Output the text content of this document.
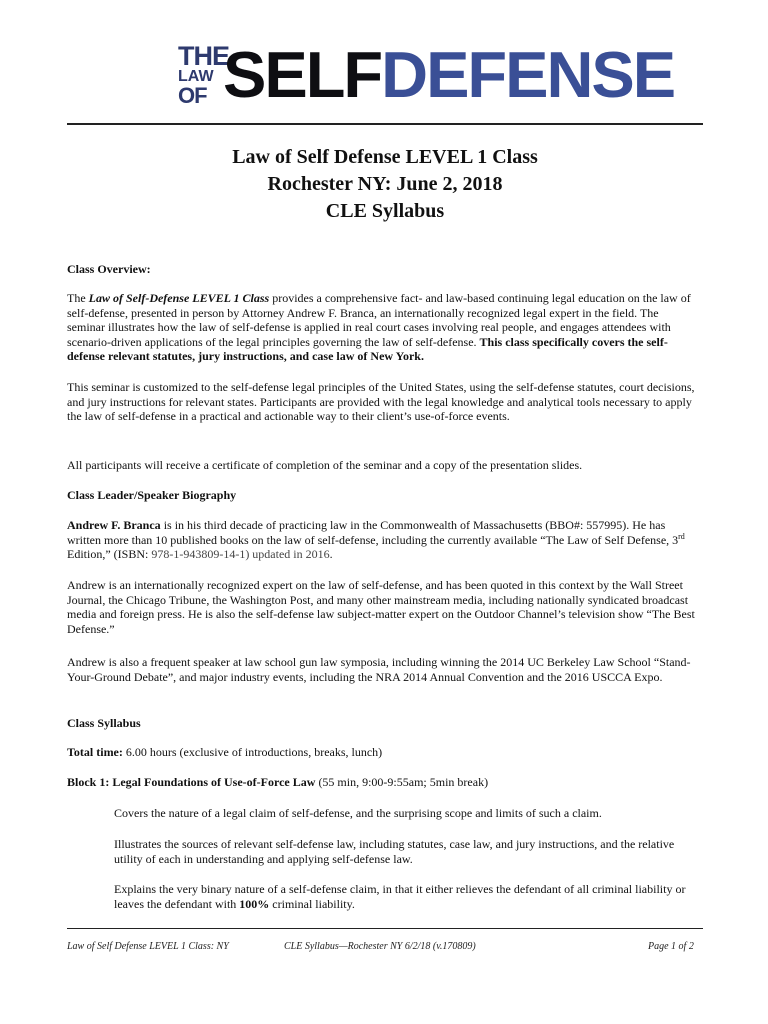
THE
LAW
OF SELFDEFENSE
Law of Self Defense LEVEL 1 Class
Rochester NY: June 2, 2018
CLE Syllabus

Class Overview:

The Law of Self-Defense LEVEL 1 Class provides a comprehensive fact- and law-based continuing legal education on the law of self-defense, presented in person by Attorney Andrew F. Branca, an internationally recognized legal expert in the field. The seminar illustrates how the law of self-defense is applied in real court cases involving real people, and engages attendees with scenario-driven applications of the legal principles governing the law of self-defense. This class specifically covers the self-defense relevant statutes, jury instructions, and case law of New York.

This seminar is customized to the self-defense legal principles of the United States, using the self-defense statutes, court decisions, and jury instructions for relevant states. Participants are provided with the legal knowledge and analytical tools necessary to apply the law of self-defense in a practical and actionable way to their client’s use-of-force events.

All participants will receive a certificate of completion of the seminar and a copy of the presentation slides.

Class Leader/Speaker Biography

Andrew F. Branca is in his third decade of practicing law in the Commonwealth of Massachusetts (BBO#: 557995). He has written more than 10 published books on the law of self-defense, including the currently available “The Law of Self Defense, 3rd Edition,” (ISBN: 978-1-943809-14-1) updated in 2016.

Andrew is an internationally recognized expert on the law of self-defense, and has been quoted in this context by the Wall Street Journal, the Chicago Tribune, the Washington Post, and many other mainstream media, including nationally syndicated broadcast media and foreign press. He is also the self-defense law subject-matter expert on the Outdoor Channel’s television show “The Best Defense.”

Andrew is also a frequent speaker at law school gun law symposia, including winning the 2014 UC Berkeley Law School “Stand-Your-Ground Debate”, and major industry events, including the NRA 2014 Annual Convention and the 2016 USCCA Expo.

Class Syllabus

Total time: 6.00 hours (exclusive of introductions, breaks, lunch)

Block 1: Legal Foundations of Use-of-Force Law (55 min, 9:00-9:55am; 5min break)

Covers the nature of a legal claim of self-defense, and the surprising scope and limits of such a claim.

Illustrates the sources of relevant self-defense law, including statutes, case law, and jury instructions, and the relative utility of each in understanding and applying self-defense law.

Explains the very binary nature of a self-defense claim, in that it either relieves the defendant of all criminal liability or leaves the defendant with 100% criminal liability.

Law of Self Defense LEVEL 1 Class: NY	CLE Syllabus—Rochester NY 6/2/18 (v.170809)	Page 1 of 2
